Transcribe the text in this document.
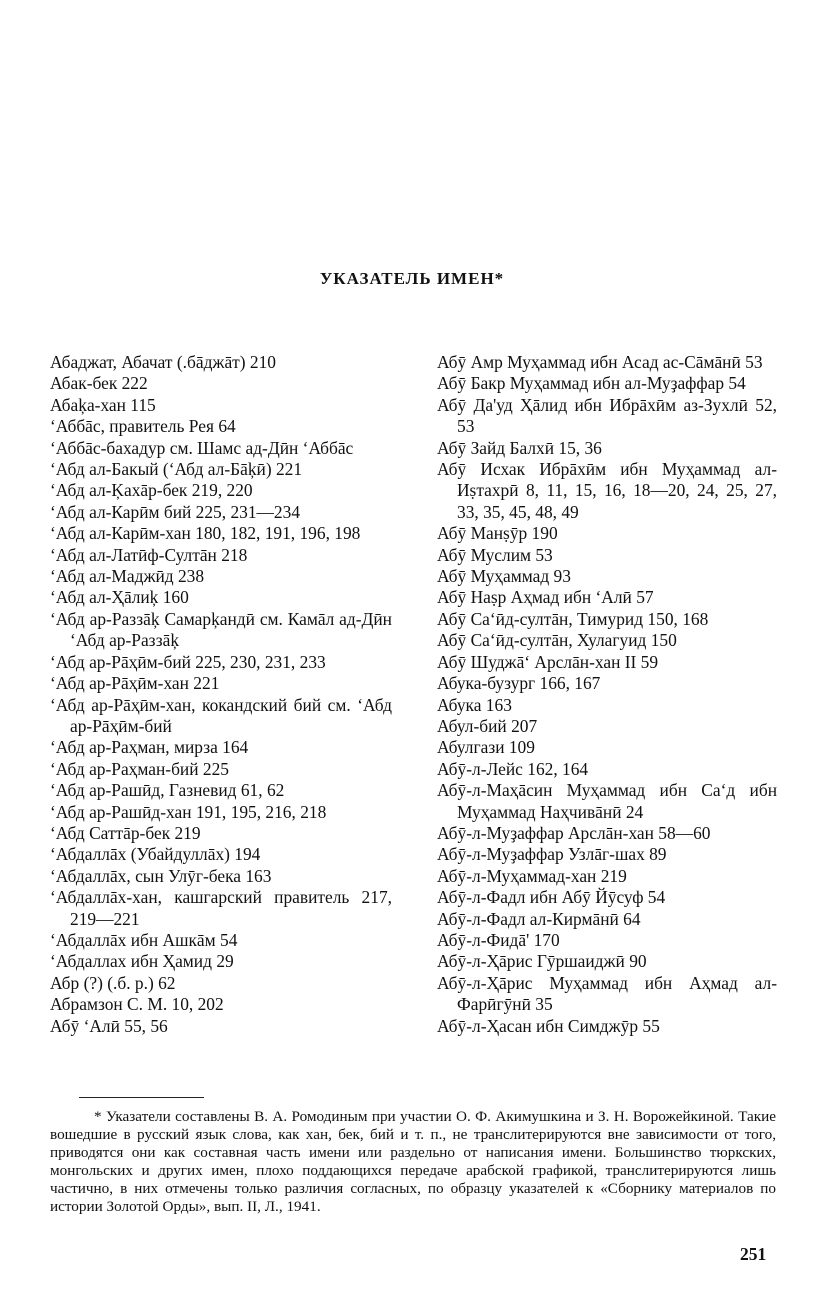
УКАЗАТЕЛЬ ИМЕН*

Абаджат, Абачат (.бāджāт) 210

Абак-бек 222

Абаķа-хан 115

ʻАббāс, правитель Рея 64

ʻАббāс-бахадур см. Шамс ад-Дӣн ʻАббāс

ʻАбд ал-Бакый (ʻАбд ал-Бāķӣ) 221

ʻАбд ал-Ķахāр-бек 219, 220

ʻАбд ал-Карӣм бий 225, 231—234

ʻАбд ал-Карӣм-хан 180, 182, 191, 196, 198

ʻАбд ал-Латӣф-Султāн 218

ʻАбд ал-Маджӣд 238

ʻАбд ал-Ҳāлиķ 160

ʻАбд ар-Раззāķ Самарķандӣ см. Камāл ад-Дӣн ʻАбд ар-Раззāķ

ʻАбд ар-Рāҳӣм-бий 225, 230, 231, 233

ʻАбд ар-Рāҳӣм-хан 221

ʻАбд ар-Рāҳӣм-хан, кокандский бий см. ʻАбд ар-Рāҳӣм-бий

ʻАбд ар-Раҳман, мирза 164

ʻАбд ар-Раҳман-бий 225

ʻАбд ар-Рашӣд, Газневид 61, 62

ʻАбд ар-Рашӣд-хан 191, 195, 216, 218

ʻАбд Саттāр-бек 219

ʻАбдаллāх (Убайдуллāх) 194

ʻАбдаллāх, сын Улӯг-бека 163

ʻАбдаллāх-хан, кашгарский правитель 217, 219—221

ʻАбдаллāх ибн Ашкāм 54

ʻАбдаллах ибн Ҳамид 29

Абр (?) (.б. р.) 62

Абрамзон С. М. 10, 202

Абӯ ʻАлӣ 55, 56

Абӯ Амр Муҳаммад ибн Асад ас-Сāмāнӣ 53

Абӯ Бакр Муҳаммад ибн ал-Муҙаффар 54

Абӯ Да'уд Ҳāлид ибн Ибрāхӣм аз-Зухлӣ 52, 53

Абӯ Зайд Балхӣ 15, 36

Абӯ Исхак Ибрāхӣм ибн Муҳаммад ал-Иṣтахрӣ 8, 11, 15, 16, 18—20, 24, 25, 27, 33, 35, 45, 48, 49

Абӯ Манṣӯр 190

Абӯ Муслим 53

Абӯ Муҳаммад 93

Абӯ Наṣр Аҳмад ибн ʻАлӣ 57

Абӯ Саʻӣд-султāн, Тимурид 150, 168

Абӯ Саʻӣд-султāн, Хулагуид 150

Абӯ Шуджāʻ Арслāн-хан II 59

Абука-бузург 166, 167

Абука 163

Абул-бий 207

Абулгази 109

Абӯ-л-Лейс 162, 164

Абӯ-л-Маҳāсин Муҳаммад ибн Саʻд ибн Муҳаммад Наҳчивāнӣ 24

Абӯ-л-Муҙаффар Арслāн-хан 58—60

Абӯ-л-Муҙаффар Узлāг-шах 89

Абӯ-л-Муҳаммад-хан 219

Абӯ-л-Фадл ибн Абӯ Йӯсуф 54

Абӯ-л-Фадл ал-Кирмāнӣ 64

Абӯ-л-Фидā' 170

Абӯ-л-Ҳāрис Гӯршаиджӣ 90

Абӯ-л-Ҳāрис Муҳаммад ибн Аҳмад ал-Фарӣгӯнӣ 35

Абӯ-л-Ҳасан ибн Симджӯр 55

* Указатели составлены В. А. Ромодиным при участии О. Ф. Акимушкина и З. Н. Ворожейкиной. Такие вошедшие в русский язык слова, как хан, бек, бий и т. п., не транслитерируются вне зависимости от того, приводятся они как составная часть имени или раздельно от написания имени. Большинство тюркских, монгольских и других имен, плохо поддающихся передаче арабской графикой, транслитерируются лишь частично, в них отмечены только различия согласных, по образцу указателей к «Сборнику материалов по истории Золотой Орды», вып. II, Л., 1941.

251
